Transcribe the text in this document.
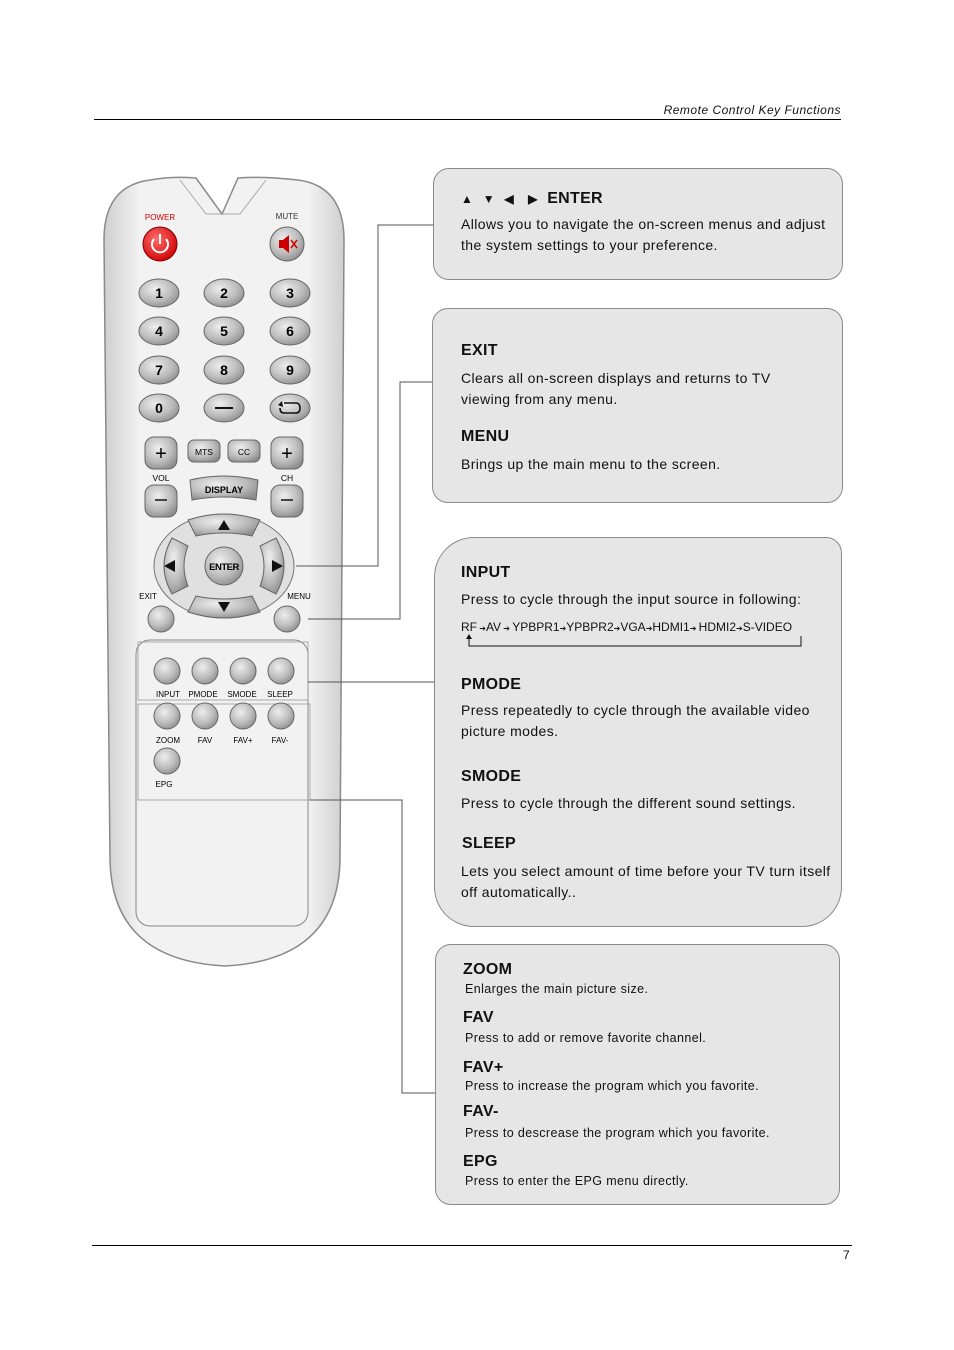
Remote Control Key Functions
POWER	MUTE
1	2	3
4	5	6
7	8	9
0
+	+
MTS	CC
VOL	CH
DISPLAY
ENTER
EXIT	MENU
INPUT PMODE SMODE SLEEP
ZOOM FAV	FAV+ FAV-
EPG
▲ ▼ ◀ ▶ ENTER
Allows you to navigate the on-screen menus and adjust the system settings to your preference.
EXIT
Clears all on-screen displays and returns to TV viewing from any menu.
MENU
Brings up the main menu to the screen.
INPUT
Press to cycle through the input source in following:
RF ➔AV ➔ YPBPR1➔YPBPR2➔VGA➔HDMI1➔ HDMI2➔S-VIDEO
PMODE
Press repeatedly to cycle through the available video picture modes.
SMODE
Press to cycle through the different sound settings.
SLEEP
Lets you select amount of time before your TV turn itself off automatically..
ZOOM
Enlarges the main picture size.
FAV
Press to add or remove favorite channel.
FAV+
Press to increase the program which you favorite.
FAV-
Press to descrease the program which you favorite.
EPG
Press to enter the EPG menu directly.
7
